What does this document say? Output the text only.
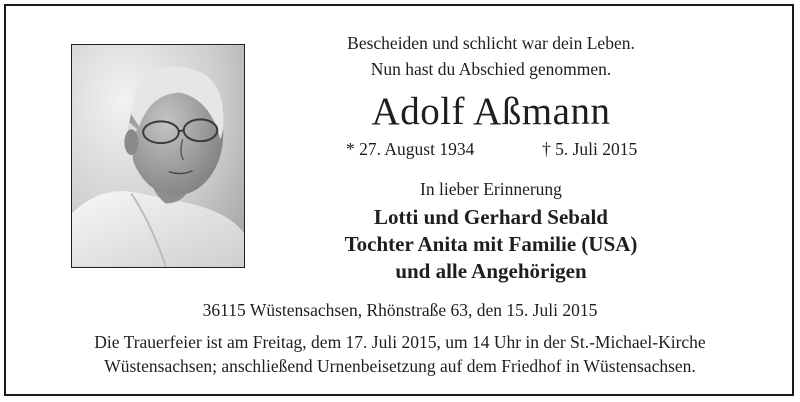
Bescheiden und schlicht war dein Leben.
Nun hast du Abschied genommen.
Adolf Aßmann
* 27. August 1934	† 5. Juli 2015
In lieber Erinnerung
Lotti und Gerhard Sebald
Tochter Anita mit Familie (USA)
und alle Angehörigen
36115 Wüstensachsen, Rhönstraße 63, den 15. Juli 2015
Die Trauerfeier ist am Freitag, dem 17. Juli 2015, um 14 Uhr in der St.-Michael-Kirche
Wüstensachsen; anschließend Urnenbeisetzung auf dem Friedhof in Wüstensachsen.
